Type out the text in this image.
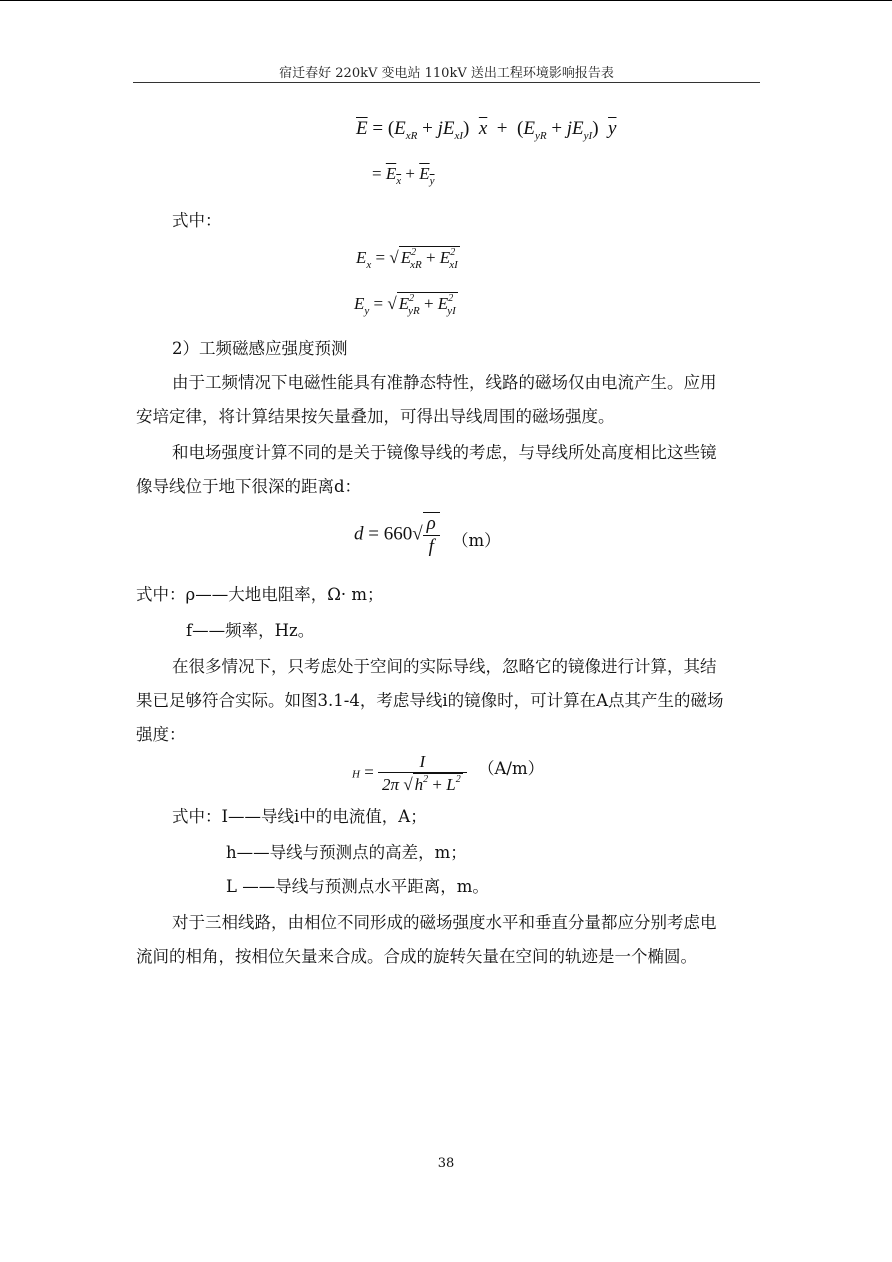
宿迁春好 220kV 变电站 110kV 送出工程环境影响报告表
$\overline{E} = (E_{xR} + jE_{xI}) \overline{x} + (E_{yR} + jE_{yI})$ $\overline{y}$
= $E_x + E_y$
式中：
$E_x$ = √ $E^2_{xR} + E^2_{xI}$
$E_y$ = √ $E^2_{yR} + E^2_{yI}$
2）工频磁感应强度预测
由于工频情况下电磁性能具有准静态特性，线路的磁场仅由电流产生。应用
安培定律，将计算结果按矢量叠加，可得出导线周围的磁场强度。
和电场强度计算不同的是关于镜像导线的考虑，与导线所处高度相比这些镜
像导线位于地下很深的距离d：
$d = 660√ \frac{\rho}{f} (m)$
式中：ρ——大地电阻率，Ω· m；
f——频率，Hz。
在很多情况下，只考虑处于空间的实际导线，忽略它的镜像进行计算，其结
果已足够符合实际。如图3.1-4，考虑导线i的镜像时，可计算在A点其产生的磁场
强度：
$H = \frac{I}{2\pi √ h^2 + L^2} (A/m)$
式中：I——导线i中的电流值，A；
h——导线与预测点的高差，m；
L ——导线与预测点水平距离，m。
对于三相线路，由相位不同形成的磁场强度水平和垂直分量都应分别考虑电
流间的相角，按相位矢量来合成。合成的旋转矢量在空间的轨迹是一个椭圆。
38
